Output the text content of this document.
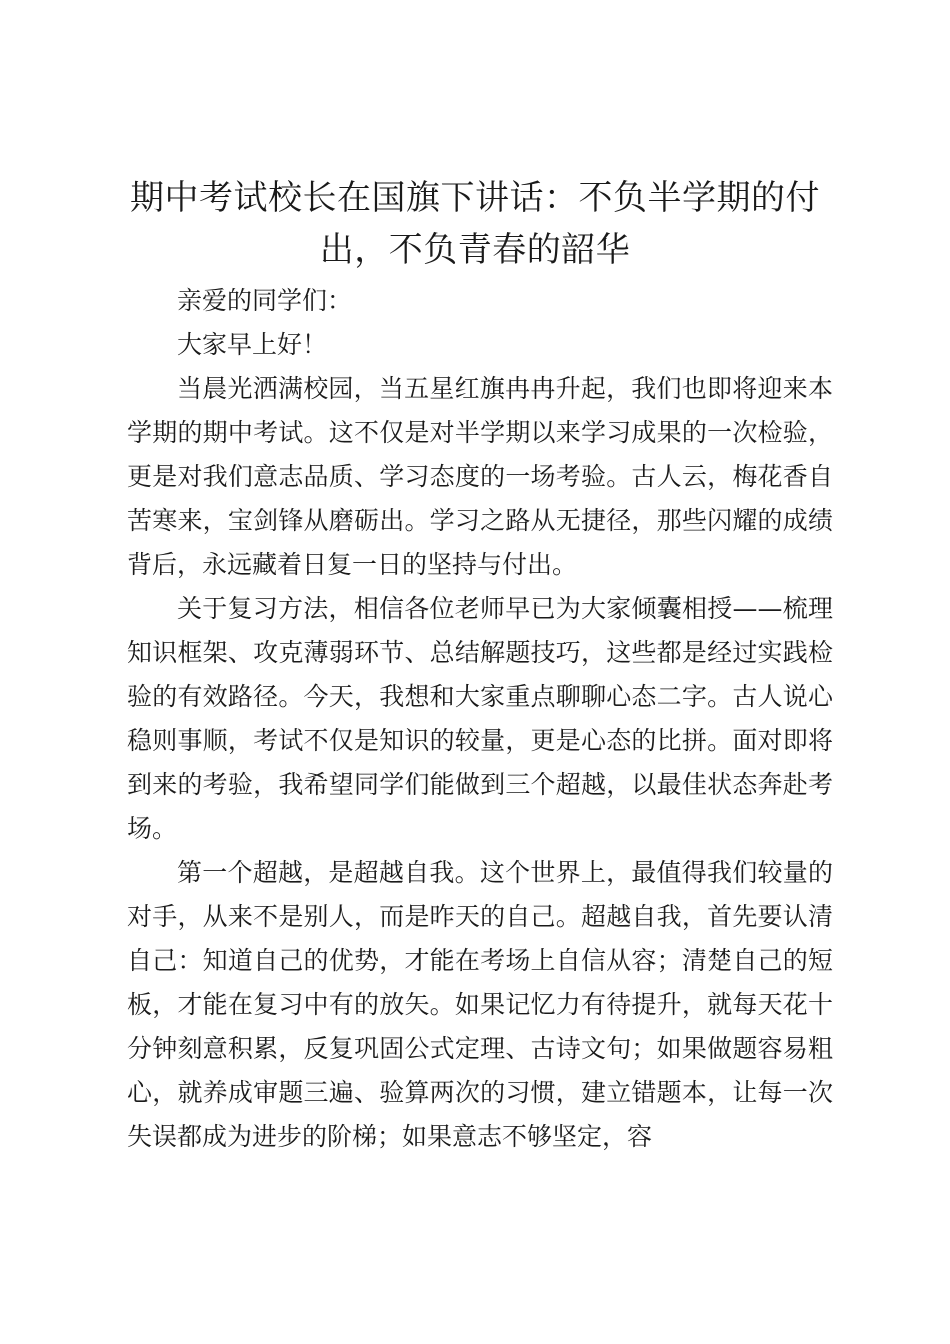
期中考试校长在国旗下讲话：不负半学期的付出，不负青春的韶华

亲爱的同学们：

大家早上好！

当晨光洒满校园，当五星红旗冉冉升起，我们也即将迎来本学期的期中考试。这不仅是对半学期以来学习成果的一次检验，更是对我们意志品质、学习态度的一场考验。古人云，梅花香自苦寒来，宝剑锋从磨砺出。学习之路从无捷径，那些闪耀的成绩背后，永远藏着日复一日的坚持与付出。

关于复习方法，相信各位老师早已为大家倾囊相授——梳理知识框架、攻克薄弱环节、总结解题技巧，这些都是经过实践检验的有效路径。今天，我想和大家重点聊聊心态二字。古人说心稳则事顺，考试不仅是知识的较量，更是心态的比拼。面对即将到来的考验，我希望同学们能做到三个超越，以最佳状态奔赴考场。

第一个超越，是超越自我。这个世界上，最值得我们较量的对手，从来不是别人，而是昨天的自己。超越自我，首先要认清自己：知道自己的优势，才能在考场上自信从容；清楚自己的短板，才能在复习中有的放矢。如果记忆力有待提升，就每天花十分钟刻意积累，反复巩固公式定理、古诗文句；如果做题容易粗心，就养成审题三遍、验算两次的习惯，建立错题本，让每一次失误都成为进步的阶梯；如果意志不够坚定，容
